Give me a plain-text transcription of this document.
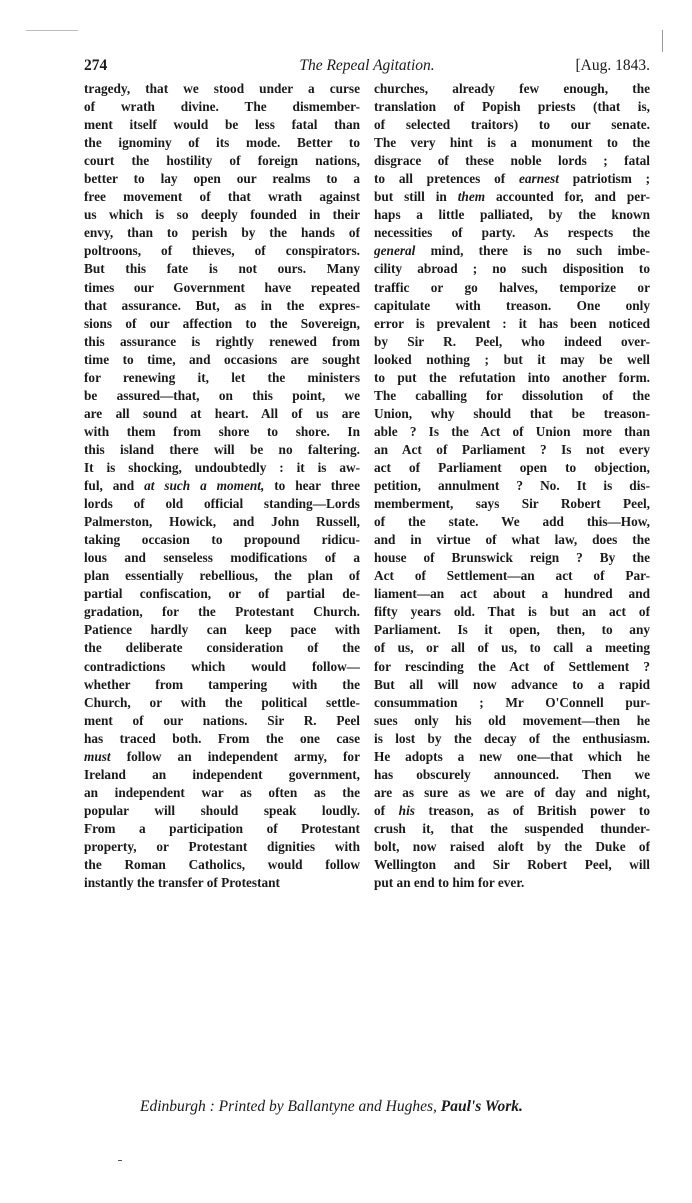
274	The Repeal Agitation.	[Aug. 1843.
tragedy, that we stood under a curse
of wrath divine. The dismember-
ment itself would be less fatal than
the ignominy of its mode. Better to
court the hostility of foreign nations,
better to lay open our realms to a
free movement of that wrath against
us which is so deeply founded in their
envy, than to perish by the hands of
poltroons, of thieves, of conspirators.
But this fate is not ours. Many
times our Government have repeated
that assurance. But, as in the expres-
sions of our affection to the Sovereign,
this assurance is rightly renewed from
time to time, and occasions are sought
for renewing it, let the ministers
be assured—that, on this point, we
are all sound at heart. All of us are
with them from shore to shore. In
this island there will be no faltering.
It is shocking, undoubtedly : it is aw-
ful, and at such a moment, to hear three
lords of old official standing—Lords
Palmerston, Howick, and John Russell,
taking occasion to propound ridicu-
lous and senseless modifications of a
plan essentially rebellious, the plan of
partial confiscation, or of partial de-
gradation, for the Protestant Church.
Patience hardly can keep pace with
the deliberate consideration of the
contradictions which would follow—
whether from tampering with the
Church, or with the political settle-
ment of our nations. Sir R. Peel
has traced both. From the one case
must follow an independent army, for
Ireland an independent government,
an independent war as often as the
popular will should speak loudly.
From a participation of Protestant
property, or Protestant dignities with
the Roman Catholics, would follow
instantly the transfer of Protestant
churches, already few enough, the
translation of Popish priests (that is,
of selected traitors) to our senate.
The very hint is a monument to the
disgrace of these noble lords ; fatal
to all pretences of earnest patriotism ;
but still in them accounted for, and per-
haps a little palliated, by the known
necessities of party. As respects the
general mind, there is no such imbe-
cility abroad ; no such disposition to
traffic or go halves, temporize or
capitulate with treason. One only
error is prevalent : it has been noticed
by Sir R. Peel, who indeed over-
looked nothing ; but it may be well
to put the refutation into another form.
The caballing for dissolution of the
Union, why should that be treason-
able ? Is the Act of Union more than
an Act of Parliament ? Is not every
act of Parliament open to objection,
petition, annulment ? No. It is dis-
memberment, says Sir Robert Peel,
of the state. We add this—How,
and in virtue of what law, does the
house of Brunswick reign ? By the
Act of Settlement—an act of Par-
liament—an act about a hundred and
fifty years old. That is but an act of
Parliament. Is it open, then, to any
of us, or all of us, to call a meeting
for rescinding the Act of Settlement ?
But all will now advance to a rapid
consummation ; Mr O'Connell pur-
sues only his old movement—then he
is lost by the decay of the enthusiasm.
He adopts a new one—that which he
has obscurely announced. Then we
are as sure as we are of day and night,
of his treason, as of British power to
crush it, that the suspended thunder-
bolt, now raised aloft by the Duke of
Wellington and Sir Robert Peel, will
put an end to him for ever.
Edinburgh : Printed by Ballantyne and Hughes, Paul's Work.
